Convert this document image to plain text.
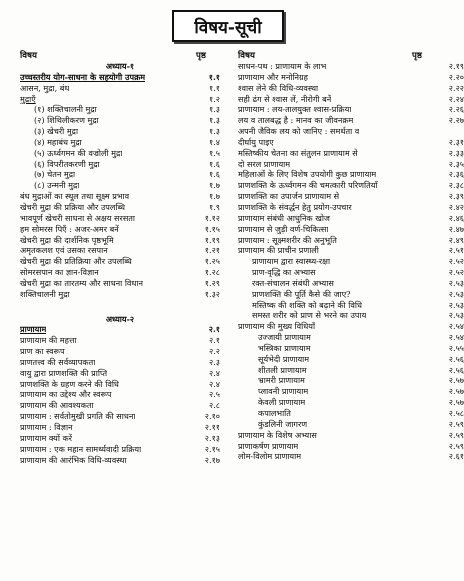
विषय-सूची
विषय	पृष्ठ	विषय	पृष्ठ
अध्याय-१
उच्चस्तरीय योग-साधना के सहयोगी उपक्रम	१.१
आसन, मुद्रा, बंध	१.१
मुद्राएँ	१.२
(१) शक्तिचालनी मुद्रा	१.३
(२) शिथिलीकरण मुद्रा	१.३
(३) खेचरी मुद्रा	१.३
(४) महाबंध मुद्रा	१.४
(५) ऊर्ध्वगमन की वज्रोली मुद्रा	१.५
(६) विपरीतकरणी मुद्रा	१.६
(७) चेतन मुद्रा	१.६
(८) उन्मनी मुद्रा	१.७
बंध मुद्राओं का स्थूल तथा सूक्ष्म प्रभाव	१.७
खेचरी मुद्रा की प्रक्रिया और उपलब्धि	१.९
भावपूर्ण खेचरी साधना से अक्षय सरसता	१.१२
हम सोमरस पिएँ : अजर-अमर बनें	१.१५
खेचरी मुद्रा की दार्शनिक पृष्ठभूमि	१.१९
अमृतकलश एवं उसका रसपान	१.२१
खेचरी मुद्रा की प्रतिक्रिया और उपलब्धि	१.२५
सोमरसपान का ज्ञान-विज्ञान	१.२८
खेचरी मुद्रा का तारतम्य और साधना विधान	१.२९
शक्तिचालनी मुद्रा	१.३२
अध्याय-२
प्राणायाम	२.१
प्राणायाम की महत्ता	२.१
प्राण का स्वरूप	२.२
प्राणतत्त्व की सर्वव्यापकता	२.३
वायु द्वारा प्राणशक्ति की प्राप्ति	२.४
प्राणशक्ति के ग्रहण करने की विधि	२.४
प्राणायाम का उद्देश्य और स्वरूप	२.५
प्राणायाम की आवश्यकता	२.८
प्राणायाम : सर्वतोमुखी प्रगति की साधना	२.१०
प्राणायाम : विज्ञान	२.११
प्राणायाम क्यों करें	२.१३
प्राणायाम : एक महान सामर्थ्यवादी प्रक्रिया	२.१५
प्राणायाम की आरंभिक विधि-व्यवस्था	२.१७
साधन-पथ : प्राणायाम के लाभ	२.१९
प्राणायाम और मनोनिग्रह	२.२०
श्वास लेने की विधि-व्यवस्था	२.२२
सही ढंग से श्वास लें, नीरोगी बनें	२.२४
प्राणायाम : लय-तालयुक्त श्वास-प्रक्रिया	२.२६
लय व तालबद्ध है : मानव का जीवनक्रम	२.२७
अपनी जैविक लय को जानिए : समर्थता व
दीर्घायु पाइए	२.३१
मस्तिष्कीय चेतना का संतुलन प्राणायाम से	२.३३
दो सरल प्राणायाम	२.३५
महिलाओं के लिए विशेष उपयोगी कुछ प्राणायाम	२.३६
प्राणशक्ति के ऊर्ध्वगमन की चमत्कारी परिणतियाँ	२.३८
प्राणशक्ति का उपार्जन प्राणायाम से	२.३९
प्राणशक्ति के संवर्द्धन हेतु प्रयोग-उपचार	२.४२
प्राणायाम संबंधी आधुनिक खोज	२.४६
प्राणायाम से जुड़ी वर्ण-चिकित्सा	२.४७
प्राणायाम : सूक्ष्मशरीर की अनुभूति	२.४९
प्राणायाम की प्राचीन प्रणाली	२.५१
प्राणायाम द्वारा स्वास्थ्य-रक्षा	२.५२
प्राण-वृद्धि का अभ्यास	२.५२
रक्त-संचालन संबंधी अभ्यास	२.५३
प्राणशक्ति की पूर्ति कैसे की जाए?	२.५३
मस्तिष्क की शक्ति को बढ़ाने की विधि	२.५३
समस्त शरीर को प्राण से भरने का उपाय	२.५३
प्राणायाम की मुख्य विधियाँ	२.५४
उज्जायी प्राणायाम	२.५४
भस्त्रिका प्राणायाम	२.५५
सूर्यभेदी प्राणायाम	२.५६
शीतली प्राणायाम	२.५६
भ्रामरी प्राणायाम	२.५७
प्लावनी प्राणायाम	२.५७
केवली प्राणायाम	२.५७
कपालभाति	२.५८
कुंडलिनी जागरण	२.५९
प्राणायाम के विशेष अभ्यास	२.५९
प्राणाकर्षण प्राणायाम	२.५९
लोम-विलोम प्राणायाम	२.६१
